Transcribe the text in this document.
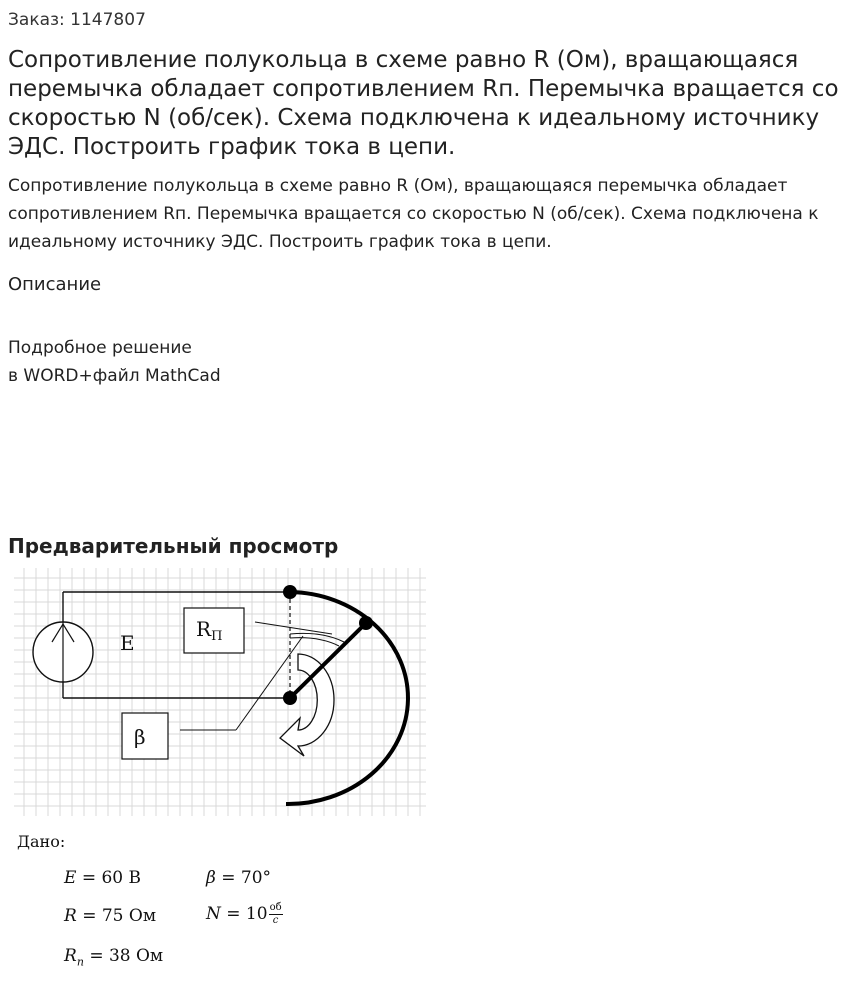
Заказ: 1147807
Сопротивление полукольца в схеме равно R (Ом), вращающаяся перемычка обладает сопротивлением Rп. Перемычка вращается со скоростью N (об/сек). Схема подключена к идеальному источнику ЭДС. Построить график тока в цепи.

Сопротивление полукольца в схеме равно R (Ом), вращающаяся перемычка обладает сопротивлением Rп. Перемычка вращается со скоростью N (об/сек). Схема подключена к идеальному источнику ЭДС. Построить график тока в цепи.

Описание
Подробное решение
в WORD+файл MathCad
Предварительный просмотр
E
$R_П$
β
Дано:
E = 60 В	β = 70°
R = 75 Ом	$N = 10 \frac{об}{c}$
$R_п = 38$ Ом
